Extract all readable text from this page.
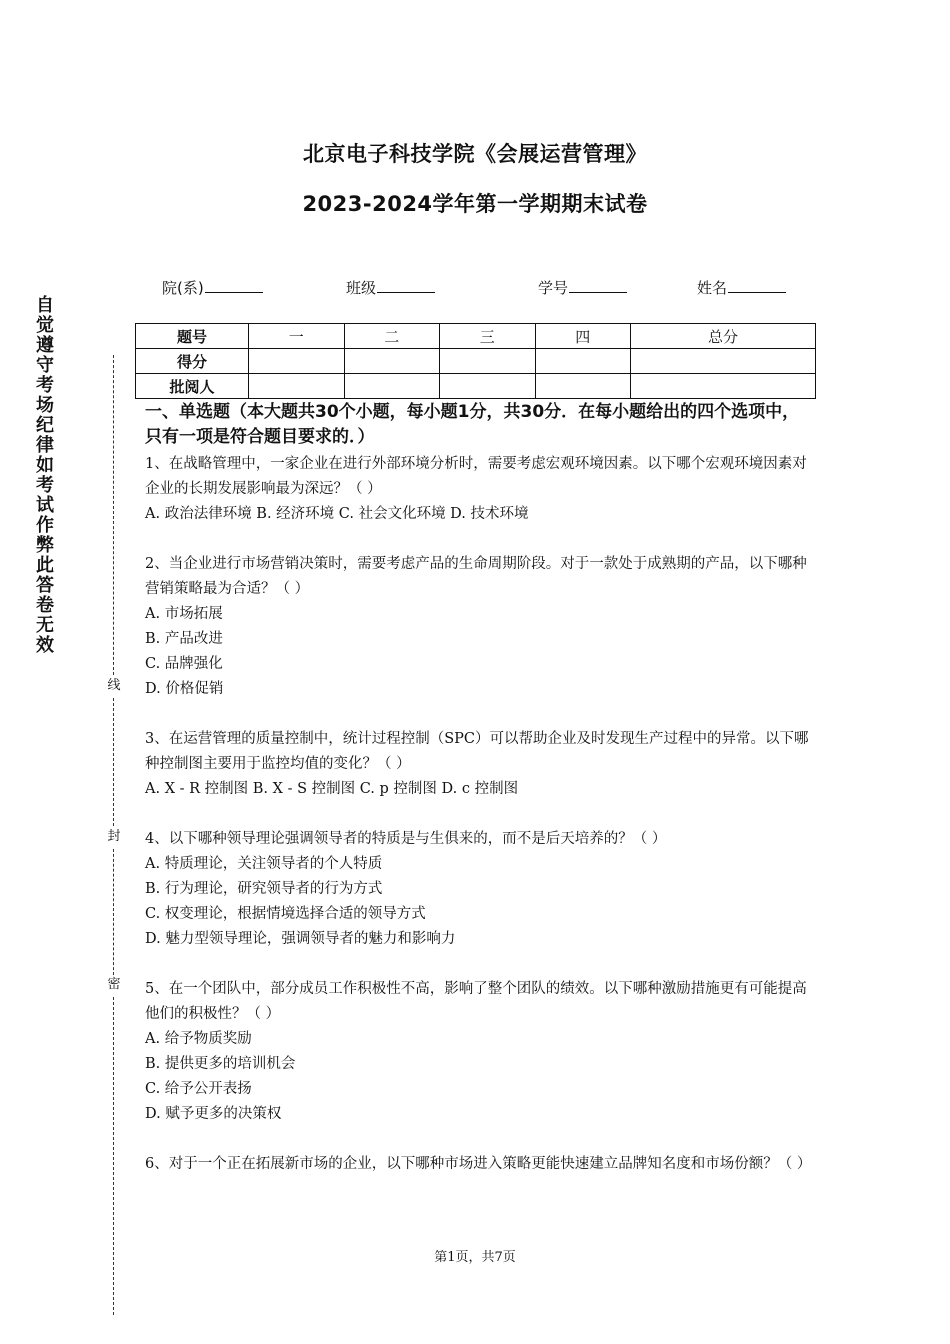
北京电子科技学院《会展运营管理》
2023-2024学年第一学期期末试卷
院(系)	班级	学号	姓名
题号	一	二	三	四	总分
得分					
批阅人					
自觉遵守考场纪律如考试作弊此答卷无效
线
封
密
一、单选题（本大题共30个小题，每小题1分，共30分．在每小题给出的四个选项中，只有一项是符合题目要求的．）

1、在战略管理中，一家企业在进行外部环境分析时，需要考虑宏观环境因素。以下哪个宏观环境因素对企业的长期发展影响最为深远？（ ）

A. 政治法律环境 B. 经济环境 C. 社会文化环境 D. 技术环境

2、当企业进行市场营销决策时，需要考虑产品的生命周期阶段。对于一款处于成熟期的产品，以下哪种营销策略最为合适？（ ）

A. 市场拓展

B. 产品改进

C. 品牌强化

D. 价格促销

3、在运营管理的质量控制中，统计过程控制（SPC）可以帮助企业及时发现生产过程中的异常。以下哪种控制图主要用于监控均值的变化？（ ）

A. X - R 控制图 B. X - S 控制图 C. p 控制图 D. c 控制图

4、以下哪种领导理论强调领导者的特质是与生俱来的，而不是后天培养的？（ ）

A. 特质理论，关注领导者的个人特质

B. 行为理论，研究领导者的行为方式

C. 权变理论，根据情境选择合适的领导方式

D. 魅力型领导理论，强调领导者的魅力和影响力

5、在一个团队中，部分成员工作积极性不高，影响了整个团队的绩效。以下哪种激励措施更有可能提高他们的积极性？（ ）

A. 给予物质奖励

B. 提供更多的培训机会

C. 给予公开表扬

D. 赋予更多的决策权

6、对于一个正在拓展新市场的企业，以下哪种市场进入策略更能快速建立品牌知名度和市场份额？（ ）

第1页，共7页
